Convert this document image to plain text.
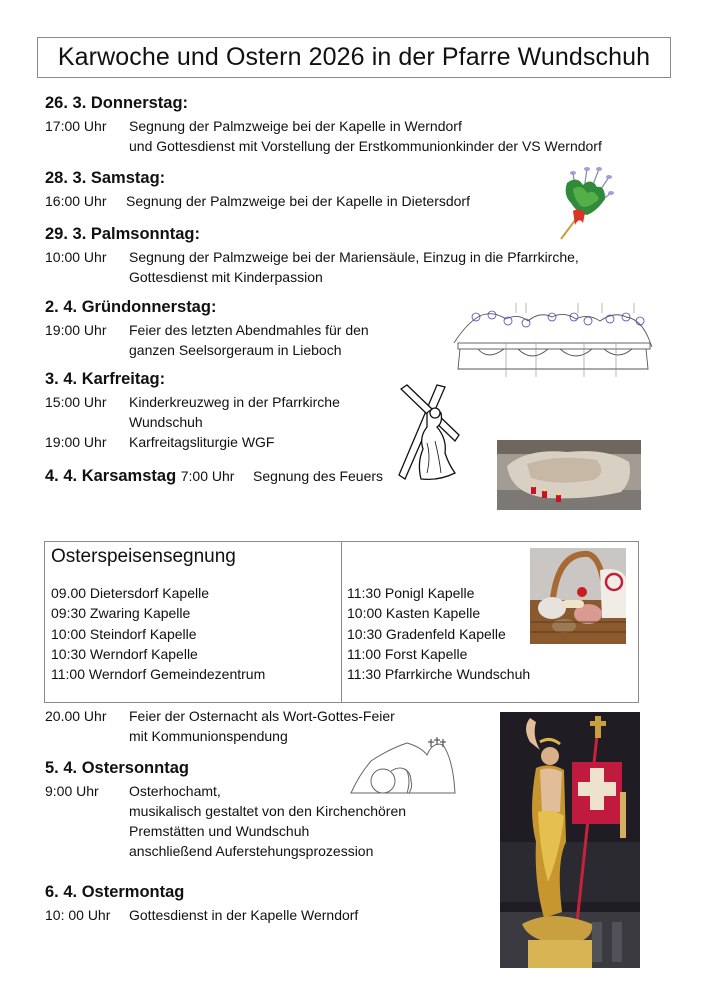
Karwoche und Ostern 2026 in der Pfarre Wundschuh
26. 3. Donnerstag:
17:00 Uhr Segnung der Palmzweige bei der Kapelle in Werndorf
und Gottesdienst mit Vorstellung der Erstkommunionkinder der VS Werndorf
28. 3. Samstag:
16:00 Uhr Segnung der Palmzweige bei der Kapelle in Dietersdorf
29. 3. Palmsonntag:
10:00 Uhr Segnung der Palmzweige bei der Mariensäule, Einzug in die Pfarrkirche,
Gottesdienst mit Kinderpassion
2. 4. Gründonnerstag:
19:00 Uhr Feier des letzten Abendmahles für den
ganzen Seelsorgeraum in Lieboch
3. 4. Karfreitag:
15:00 Uhr Kinderkreuzweg in der Pfarrkirche
Wundschuh
19:00 Uhr Karfreitagsliturgie WGF
4. 4. Karsamstag 7:00 Uhr Segnung des Feuers
Osterspeisensegnung
09.00 Dietersdorf Kapelle
09:30 Zwaring Kapelle
10:00 Steindorf Kapelle
10:30 Werndorf Kapelle
11:00 Werndorf Gemeindezentrum
11:30 Ponigl Kapelle
10:00 Kasten Kapelle
10:30 Gradenfeld Kapelle
11:00 Forst Kapelle
11:30 Pfarrkirche Wundschuh
20.00 Uhr Feier der Osternacht als Wort-Gottes-Feier
mit Kommunionspendung
5. 4. Ostersonntag
9:00 Uhr Osterhochamt,
musikalisch gestaltet von den Kirchenchören
Premstätten und Wundschuh
anschließend Auferstehungsprozession
6. 4. Ostermontag
10: 00 Uhr Gottesdienst in der Kapelle Werndorf
